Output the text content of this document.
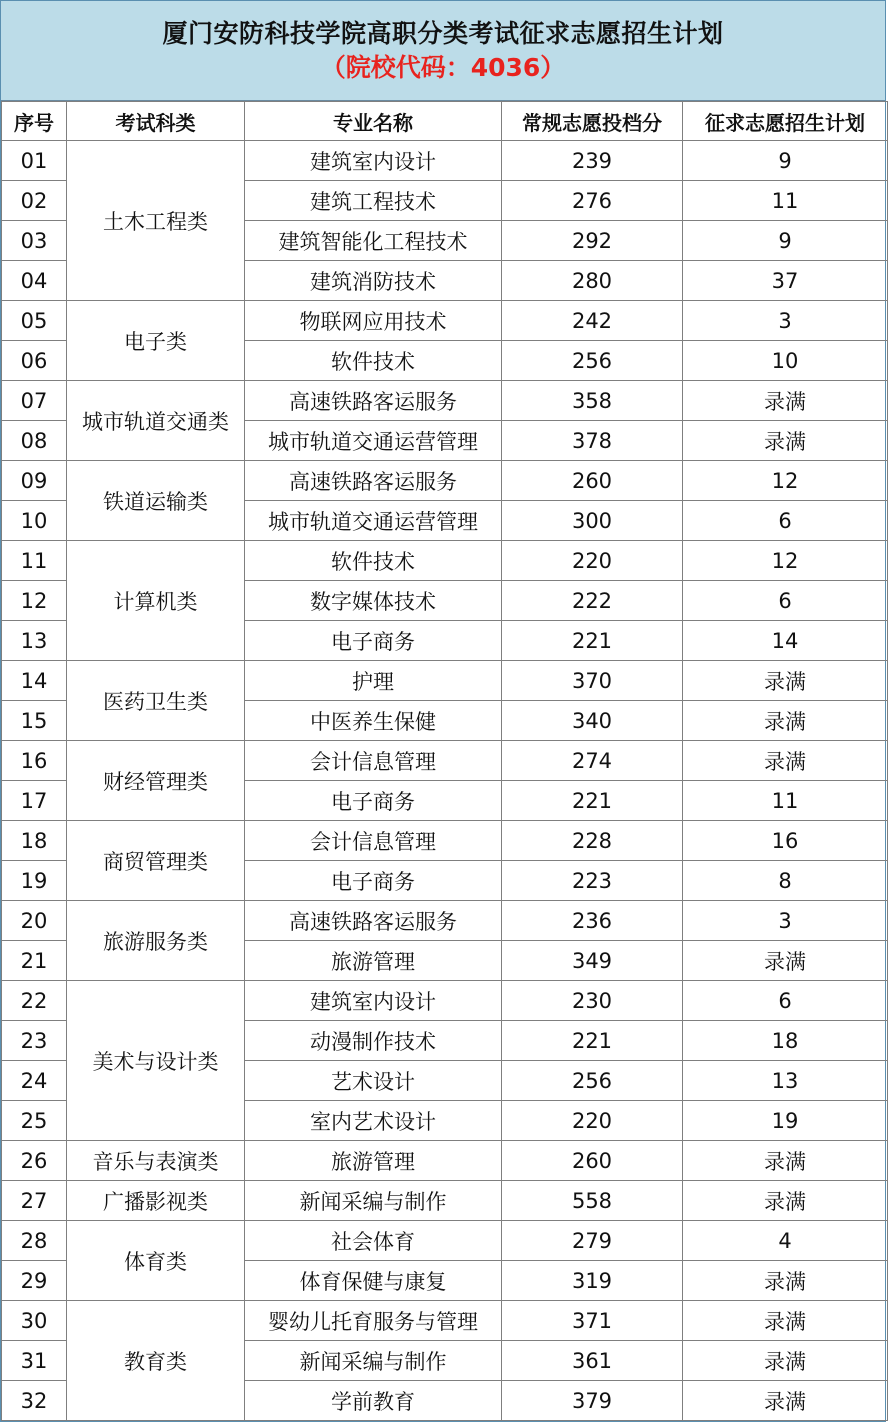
厦门安防科技学院高职分类考试征求志愿招生计划
（院校代码：4036）
序号	考试科类	专业名称	常规志愿投档分	征求志愿招生计划
01	土木工程类	建筑室内设计	239	9
02		建筑工程技术	276	11
03		建筑智能化工程技术	292	9
04		建筑消防技术	280	37
05	电子类	物联网应用技术	242	3
06		软件技术	256	10
07	城市轨道交通类	高速铁路客运服务	358	录满
08		城市轨道交通运营管理	378	录满
09	铁道运输类	高速铁路客运服务	260	12
10		城市轨道交通运营管理	300	6
11	计算机类	软件技术	220	12
12		数字媒体技术	222	6
13		电子商务	221	14
14	医药卫生类	护理	370	录满
15		中医养生保健	340	录满
16	财经管理类	会计信息管理	274	录满
17		电子商务	221	11
18	商贸管理类	会计信息管理	228	16
19		电子商务	223	8
20	旅游服务类	高速铁路客运服务	236	3
21		旅游管理	349	录满
22	美术与设计类	建筑室内设计	230	6
23		动漫制作技术	221	18
24		艺术设计	256	13
25		室内艺术设计	220	19
26	音乐与表演类	旅游管理	260	录满
27	广播影视类	新闻采编与制作	558	录满
28	体育类	社会体育	279	4
29		体育保健与康复	319	录满
30	教育类	婴幼儿托育服务与管理	371	录满
31		新闻采编与制作	361	录满
32		学前教育	379	录满
